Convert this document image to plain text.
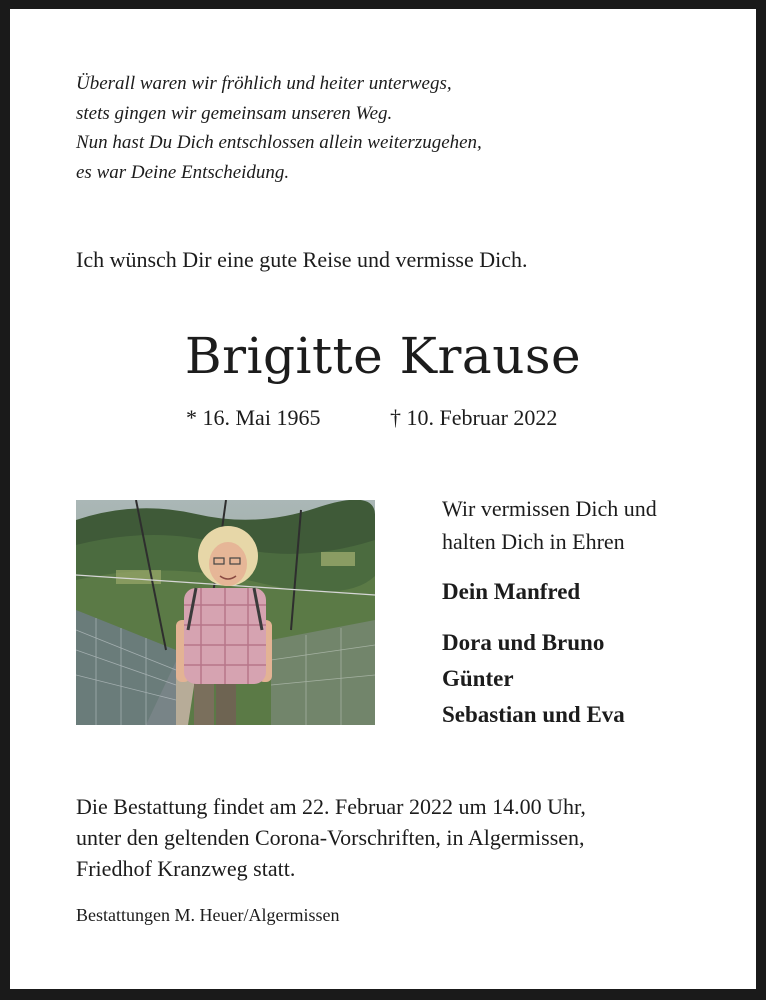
Überall waren wir fröhlich und heiter unterwegs,
stets gingen wir gemeinsam unseren Weg.
Nun hast Du Dich entschlossen allein weiterzugehen,
es war Deine Entscheidung.
Ich wünsch Dir eine gute Reise und vermisse Dich.
Brigitte Krause
* 16. Mai 1965	† 10. Februar 2022
Wir vermissen Dich und
halten Dich in Ehren
Dein Manfred
Dora und Bruno
Günter
Sebastian und Eva
Die Bestattung findet am 22. Februar 2022 um 14.00 Uhr,
unter den geltenden Corona-Vorschriften, in Algermissen,
Friedhof Kranzweg statt.
Bestattungen M. Heuer/Algermissen
